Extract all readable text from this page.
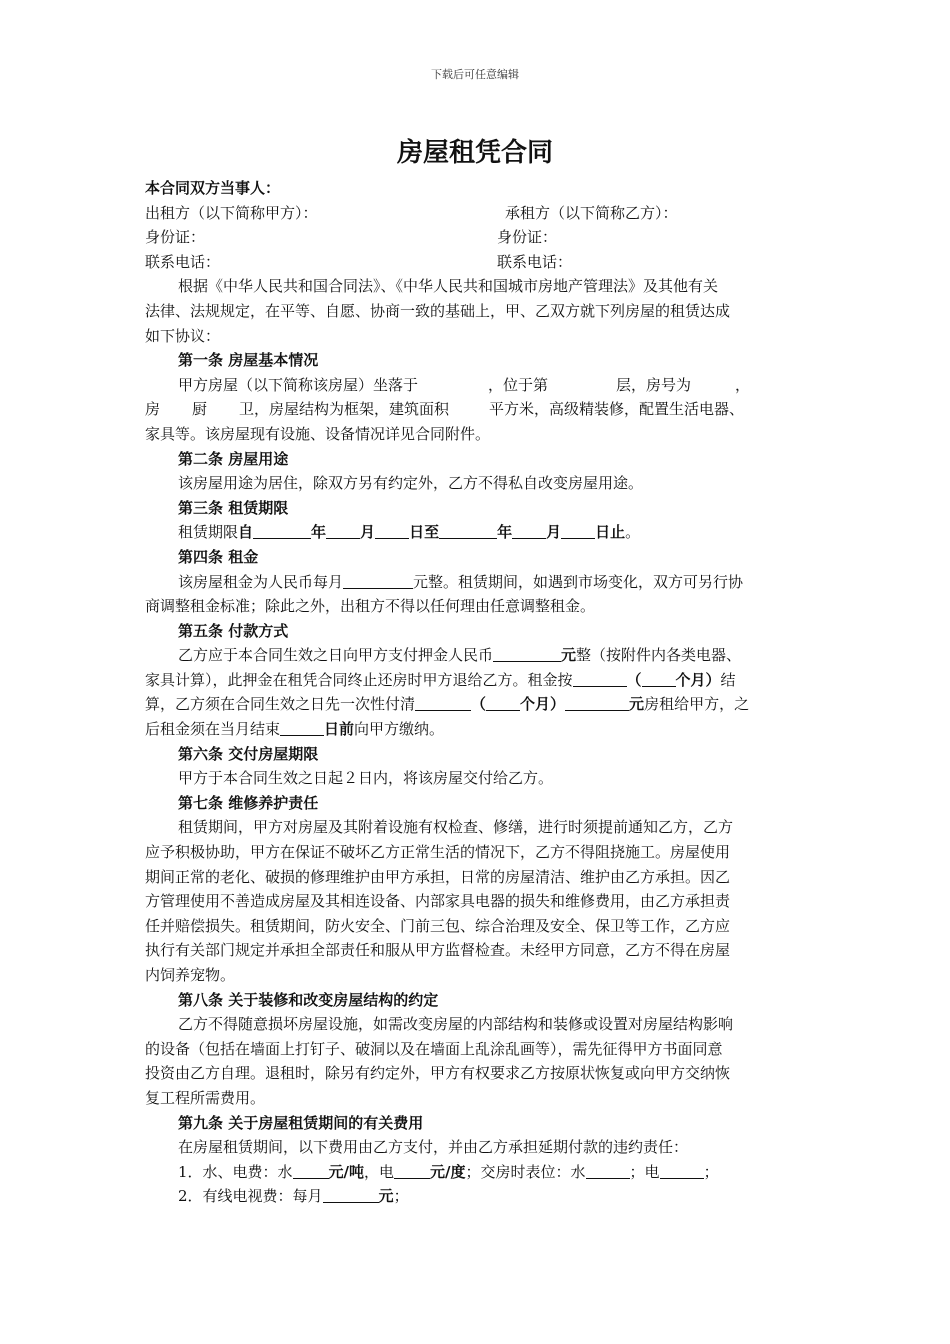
下载后可任意编辑
房屋租凭合同
本合同双方当事人：
出租方（以下简称甲方）：	承租方（以下简称乙方）：
身份证：	身份证：
联系电话：	联系电话：
根据《中华人民共和国合同法》、《中华人民共和国城市房地产管理法》及其他有关
法律、法规规定，在平等、自愿、协商一致的基础上，甲、乙双方就下列房屋的租赁达成
如下协议：
第一条 房屋基本情况
甲方房屋（以下简称该房屋）坐落于	，位于第	层，房号为	，
房 厨 卫，房屋结构为框架，建筑面积	平方米，高级精装修，配置生活电器、
家具等。该房屋现有设施、设备情况详见合同附件。
第二条 房屋用途
该房屋用途为居住，除双方另有约定外，乙方不得私自改变房屋用途。
第三条 租赁期限
租赁期限自	年 月 日至	年 月 日止。
第四条 租金
该房屋租金为人民币每月	元整。租赁期间，如遇到市场变化，双方可另行协
商调整租金标准；除此之外，出租方不得以任何理由任意调整租金。
第五条 付款方式
乙方应于本合同生效之日向甲方支付押金人民币	元整（按附件内各类电器、
家具计算），此押金在租凭合同终止还房时甲方退给乙方。租金按	（ 个月）结
算，乙方须在合同生效之日先一次性付清	（ 个月）	元房租给甲方，之
后租金须在当月结束	日前向甲方缴纳。
第六条 交付房屋期限
甲方于本合同生效之日起２日内，将该房屋交付给乙方。
第七条 维修养护责任
租赁期间，甲方对房屋及其附着设施有权检查、修缮，进行时须提前通知乙方，乙方
应予积极协助，甲方在保证不破坏乙方正常生活的情况下，乙方不得阻挠施工。房屋使用
期间正常的老化、破损的修理维护由甲方承担，日常的房屋清洁、维护由乙方承担。因乙
方管理使用不善造成房屋及其相连设备、内部家具电器的损失和维修费用，由乙方承担责
任并赔偿损失。租赁期间，防火安全、门前三包、综合治理及安全、保卫等工作，乙方应
执行有关部门规定并承担全部责任和服从甲方监督检查。未经甲方同意，乙方不得在房屋
内饲养宠物。
第八条 关于装修和改变房屋结构的约定
乙方不得随意损坏房屋设施，如需改变房屋的内部结构和装修或设置对房屋结构影响
的设备（包括在墙面上打钉子、破洞以及在墙面上乱涂乱画等），需先征得甲方书面同意
投资由乙方自理。退租时，除另有约定外，甲方有权要求乙方按原状恢复或向甲方交纳恢
复工程所需费用。
第九条 关于房屋租赁期间的有关费用
在房屋租赁期间，以下费用由乙方支付，并由乙方承担延期付款的违约责任：
1．水、电费：水 元/吨，电 元/度；交房时表位：水	；电	；
2．有线电视费：每月	元；
